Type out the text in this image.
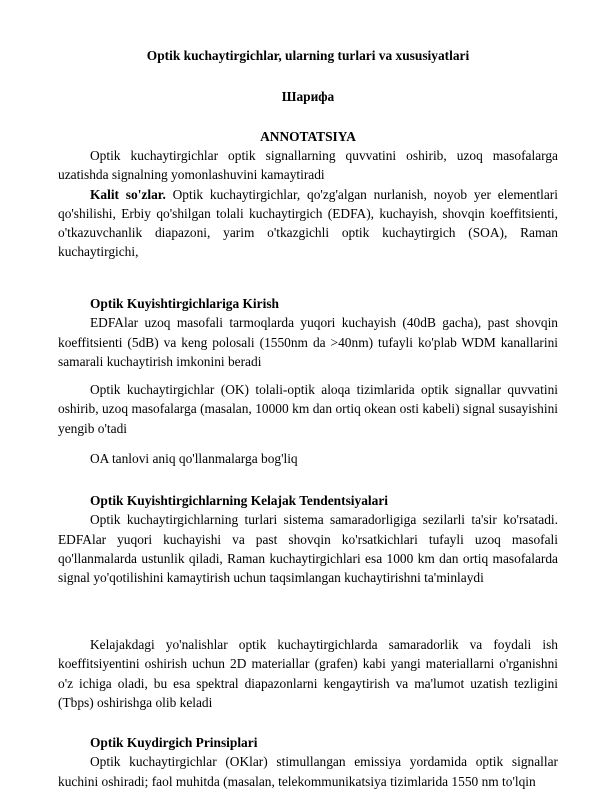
Optik kuchaytirgichlar, ularning turlari va xususiyatlari
Шарифа
ANNOTATSIYA

Optik kuchaytirgichlar optik signallarning quvvatini oshirib, uzoq masofalarga uzatishda signalning yomonlashuvini kamaytiradi

Kalit so'zlar. Optik kuchaytirgichlar, qo'zg'algan nurlanish, noyob yer elementlari qo'shilishi, Erbiy qo'shilgan tolali kuchaytirgich (EDFA), kuchayish, shovqin koeffitsienti, o'tkazuvchanlik diapazoni, yarim o'tkazgichli optik kuchaytirgich (SOA), Raman kuchaytirgichi,

Optik Kuyishtirgichlariga Kirish

EDFAlar uzoq masofali tarmoqlarda yuqori kuchayish (40dB gacha), past shovqin koeffitsienti (5dB) va keng polosali (1550nm da >40nm) tufayli ko'plab WDM kanallarini samarali kuchaytirish imkonini beradi

Optik kuchaytirgichlar (OK) tolali-optik aloqa tizimlarida optik signallar quvvatini oshirib, uzoq masofalarga (masalan, 10000 km dan ortiq okean osti kabeli) signal susayishini yengib o'tadi

OA tanlovi aniq qo'llanmalarga bog'liq

Optik Kuyishtirgichlarning Kelajak Tendentsiyalari

Optik kuchaytirgichlarning turlari sistema samaradorligiga sezilarli ta'sir ko'rsatadi. EDFAlar yuqori kuchayishi va past shovqin ko'rsatkichlari tufayli uzoq masofali qo'llanmalarda ustunlik qiladi, Raman kuchaytirgichlari esa 1000 km dan ortiq masofalarda signal yo'qotilishini kamaytirish uchun taqsimlangan kuchaytirishni ta'minlaydi

Kelajakdagi yo'nalishlar optik kuchaytirgichlarda samaradorlik va foydali ish koeffitsiyentini oshirish uchun 2D materiallar (grafen) kabi yangi materiallarni o'rganishni o'z ichiga oladi, bu esa spektral diapazonlarni kengaytirish va ma'lumot uzatish tezligini (Tbps) oshirishga olib keladi

Optik Kuydirgich Prinsiplari

Optik kuchaytirgichlar (OKlar) stimullangan emissiya yordamida optik signallar kuchini oshiradi; faol muhitda (masalan, telekommunikatsiya tizimlarida 1550 nm to'lqin
